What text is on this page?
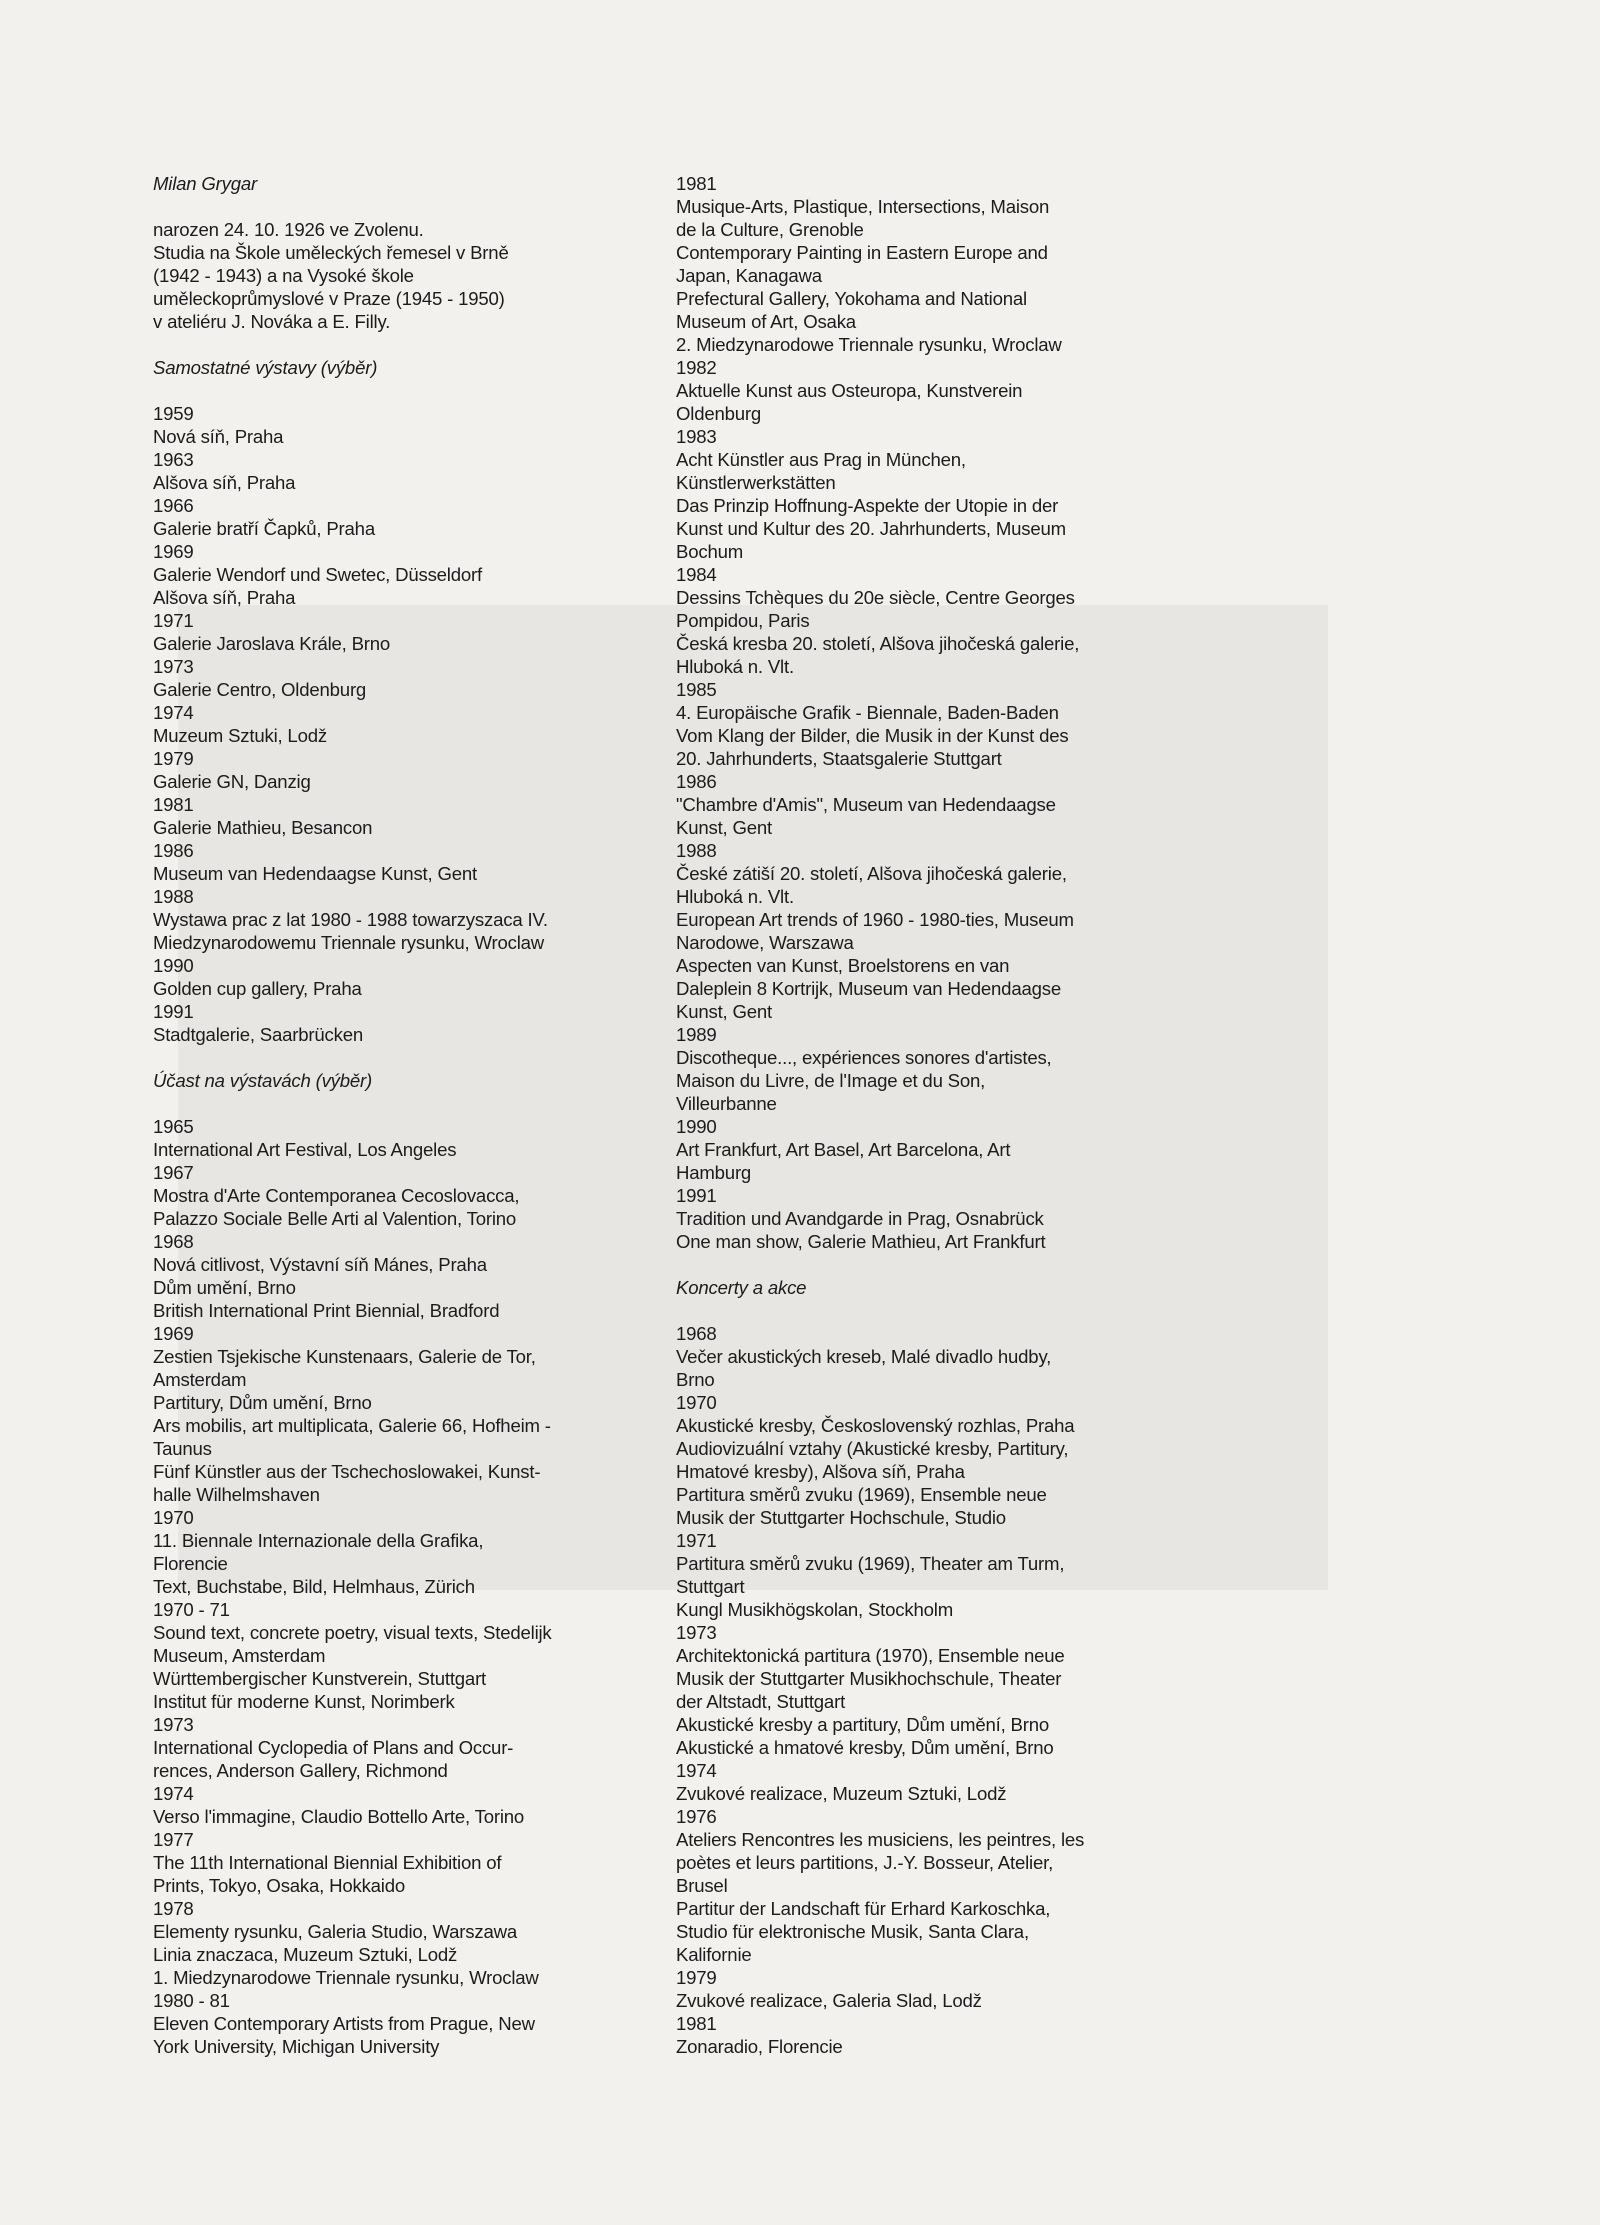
Milan Grygar
narozen 24. 10. 1926 ve Zvolenu.
Studia na Škole uměleckých řemesel v Brně
(1942 - 1943) a na Vysoké škole
uměleckoprůmyslové v Praze (1945 - 1950)
v ateliéru J. Nováka a E. Filly.
Samostatné výstavy (výběr)
1959
Nová síň, Praha
1963
Alšova síň, Praha
1966
Galerie bratří Čapků, Praha
1969
Galerie Wendorf und Swetec, Düsseldorf
Alšova síň, Praha
1971
Galerie Jaroslava Krále, Brno
1973
Galerie Centro, Oldenburg
1974
Muzeum Sztuki, Lodž
1979
Galerie GN, Danzig
1981
Galerie Mathieu, Besancon
1986
Museum van Hedendaagse Kunst, Gent
1988
Wystawa prac z lat 1980 - 1988 towarzyszaca IV.
Miedzynarodowemu Triennale rysunku, Wroclaw
1990
Golden cup gallery, Praha
1991
Stadtgalerie, Saarbrücken
Účast na výstavách (výběr)
1965
International Art Festival, Los Angeles
1967
Mostra d'Arte Contemporanea Cecoslovacca,
Palazzo Sociale Belle Arti al Valention, Torino
1968
Nová citlivost, Výstavní síň Mánes, Praha
Dům umění, Brno
British International Print Biennial, Bradford
1969
Zestien Tsjekische Kunstenaars, Galerie de Tor,
Amsterdam
Partitury, Dům umění, Brno
Ars mobilis, art multiplicata, Galerie 66, Hofheim -
Taunus
Fünf Künstler aus der Tschechoslowakei, Kunst-
halle Wilhelmshaven
1970
11. Biennale Internazionale della Grafika,
Florencie
Text, Buchstabe, Bild, Helmhaus, Zürich
1970 - 71
Sound text, concrete poetry, visual texts, Stedelijk
Museum, Amsterdam
Württembergischer Kunstverein, Stuttgart
Institut für moderne Kunst, Norimberk
1973
International Cyclopedia of Plans and Occur-
rences, Anderson Gallery, Richmond
1974
Verso l'immagine, Claudio Bottello Arte, Torino
1977
The 11th International Biennial Exhibition of
Prints, Tokyo, Osaka, Hokkaido
1978
Elementy rysunku, Galeria Studio, Warszawa
Linia znaczaca, Muzeum Sztuki, Lodž
1. Miedzynarodowe Triennale rysunku, Wroclaw
1980 - 81
Eleven Contemporary Artists from Prague, New
York University, Michigan University
1981
Musique-Arts, Plastique, Intersections, Maison
de la Culture, Grenoble
Contemporary Painting in Eastern Europe and
Japan, Kanagawa
Prefectural Gallery, Yokohama and National
Museum of Art, Osaka
2. Miedzynarodowe Triennale rysunku, Wroclaw
1982
Aktuelle Kunst aus Osteuropa, Kunstverein
Oldenburg
1983
Acht Künstler aus Prag in München,
Künstlerwerkstätten
Das Prinzip Hoffnung-Aspekte der Utopie in der
Kunst und Kultur des 20. Jahrhunderts, Museum
Bochum
1984
Dessins Tchèques du 20e siècle, Centre Georges
Pompidou, Paris
Česká kresba 20. století, Alšova jihočeská galerie,
Hluboká n. Vlt.
1985
4. Europäische Grafik - Biennale, Baden-Baden
Vom Klang der Bilder, die Musik in der Kunst des
20. Jahrhunderts, Staatsgalerie Stuttgart
1986
"Chambre d'Amis", Museum van Hedendaagse
Kunst, Gent
1988
České zátiší 20. století, Alšova jihočeská galerie,
Hluboká n. Vlt.
European Art trends of 1960 - 1980-ties, Museum
Narodowe, Warszawa
Aspecten van Kunst, Broelstorens en van
Daleplein 8 Kortrijk, Museum van Hedendaagse
Kunst, Gent
1989
Discotheque..., expériences sonores d'artistes,
Maison du Livre, de l'Image et du Son,
Villeurbanne
1990
Art Frankfurt, Art Basel, Art Barcelona, Art
Hamburg
1991
Tradition und Avandgarde in Prag, Osnabrück
One man show, Galerie Mathieu, Art Frankfurt
Koncerty a akce
1968
Večer akustických kreseb, Malé divadlo hudby,
Brno
1970
Akustické kresby, Československý rozhlas, Praha
Audiovizuální vztahy (Akustické kresby, Partitury,
Hmatové kresby), Alšova síň, Praha
Partitura směrů zvuku (1969), Ensemble neue
Musik der Stuttgarter Hochschule, Studio
1971
Partitura směrů zvuku (1969), Theater am Turm,
Stuttgart
Kungl Musikhögskolan, Stockholm
1973
Architektonická partitura (1970), Ensemble neue
Musik der Stuttgarter Musikhochschule, Theater
der Altstadt, Stuttgart
Akustické kresby a partitury, Dům umění, Brno
Akustické a hmatové kresby, Dům umění, Brno
1974
Zvukové realizace, Muzeum Sztuki, Lodž
1976
Ateliers Rencontres les musiciens, les peintres, les
poètes et leurs partitions, J.-Y. Bosseur, Atelier,
Brusel
Partitur der Landschaft für Erhard Karkoschka,
Studio für elektronische Musik, Santa Clara,
Kalifornie
1979
Zvukové realizace, Galeria Slad, Lodž
1981
Zonaradio, Florencie
